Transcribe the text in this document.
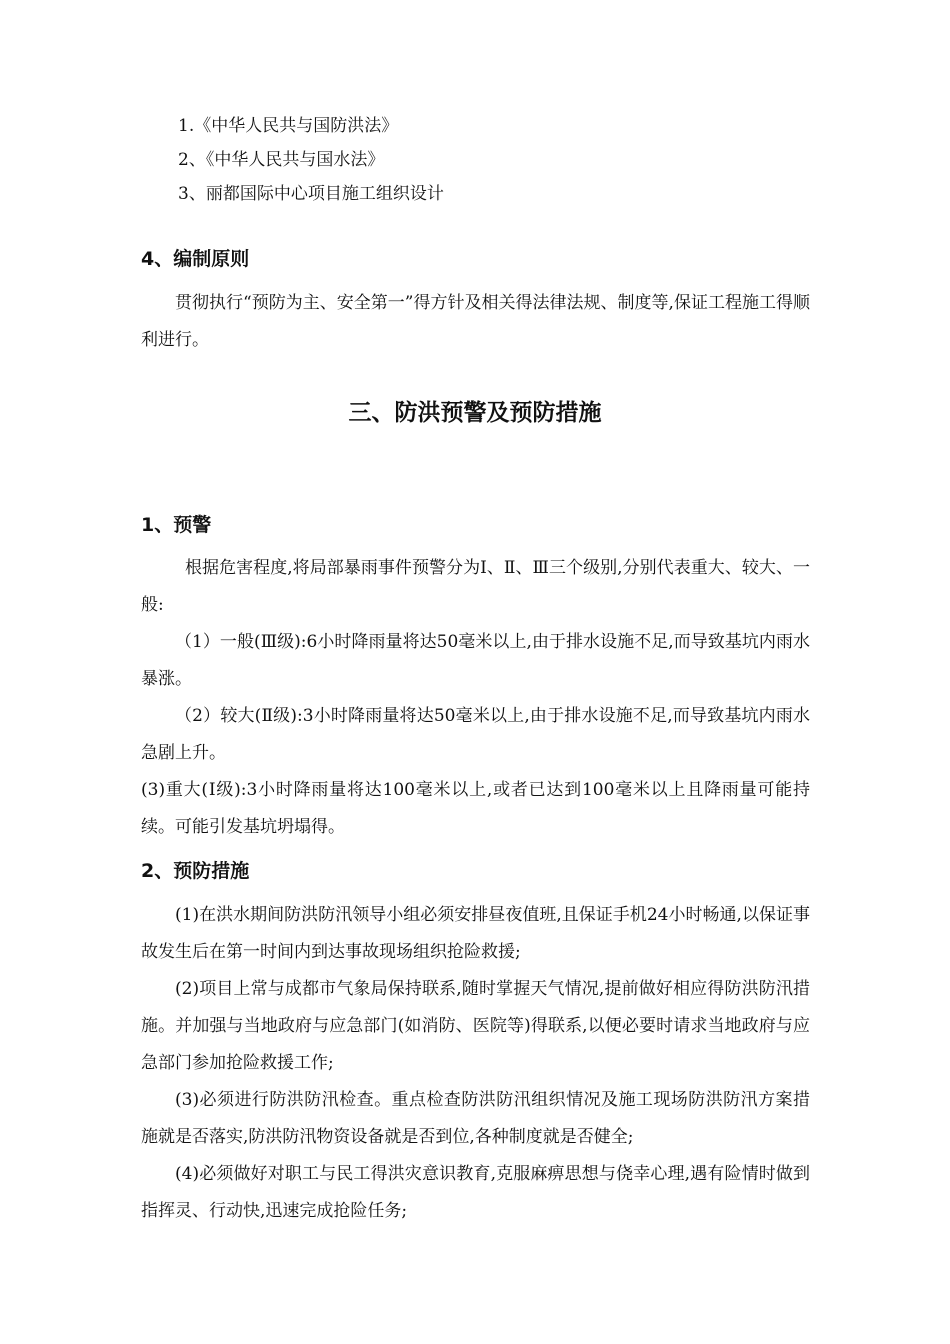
1.《中华人民共与国防洪法》
2、《中华人民共与国水法》
3、丽都国际中心项目施工组织设计
4、编制原则
贯彻执行“预防为主、安全第一”得方针及相关得法律法规、制度等,保证工程施工得顺利进行。
三、防洪预警及预防措施
1、预警
根据危害程度,将局部暴雨事件预警分为Ⅰ、Ⅱ、Ⅲ三个级别,分别代表重大、较大、一般:
（1）一般(Ⅲ级):6小时降雨量将达50毫米以上,由于排水设施不足,而导致基坑内雨水暴涨。
（2）较大(Ⅱ级):3小时降雨量将达50毫米以上,由于排水设施不足,而导致基坑内雨水急剧上升。
(3)重大(Ⅰ级):3小时降雨量将达100毫米以上,或者已达到100毫米以上且降雨量可能持续。可能引发基坑坍塌得。
2、预防措施
(1)在洪水期间防洪防汛领导小组必须安排昼夜值班,且保证手机24小时畅通,以保证事故发生后在第一时间内到达事故现场组织抢险救援;
(2)项目上常与成都市气象局保持联系,随时掌握天气情况,提前做好相应得防洪防汛措施。并加强与当地政府与应急部门(如消防、医院等)得联系,以便必要时请求当地政府与应急部门参加抢险救援工作;
(3)必须进行防洪防汛检查。重点检查防洪防汛组织情况及施工现场防洪防汛方案措施就是否落实,防洪防汛物资设备就是否到位,各种制度就是否健全;
(4)必须做好对职工与民工得洪灾意识教育,克服麻痹思想与侥幸心理,遇有险情时做到指挥灵、行动快,迅速完成抢险任务;
